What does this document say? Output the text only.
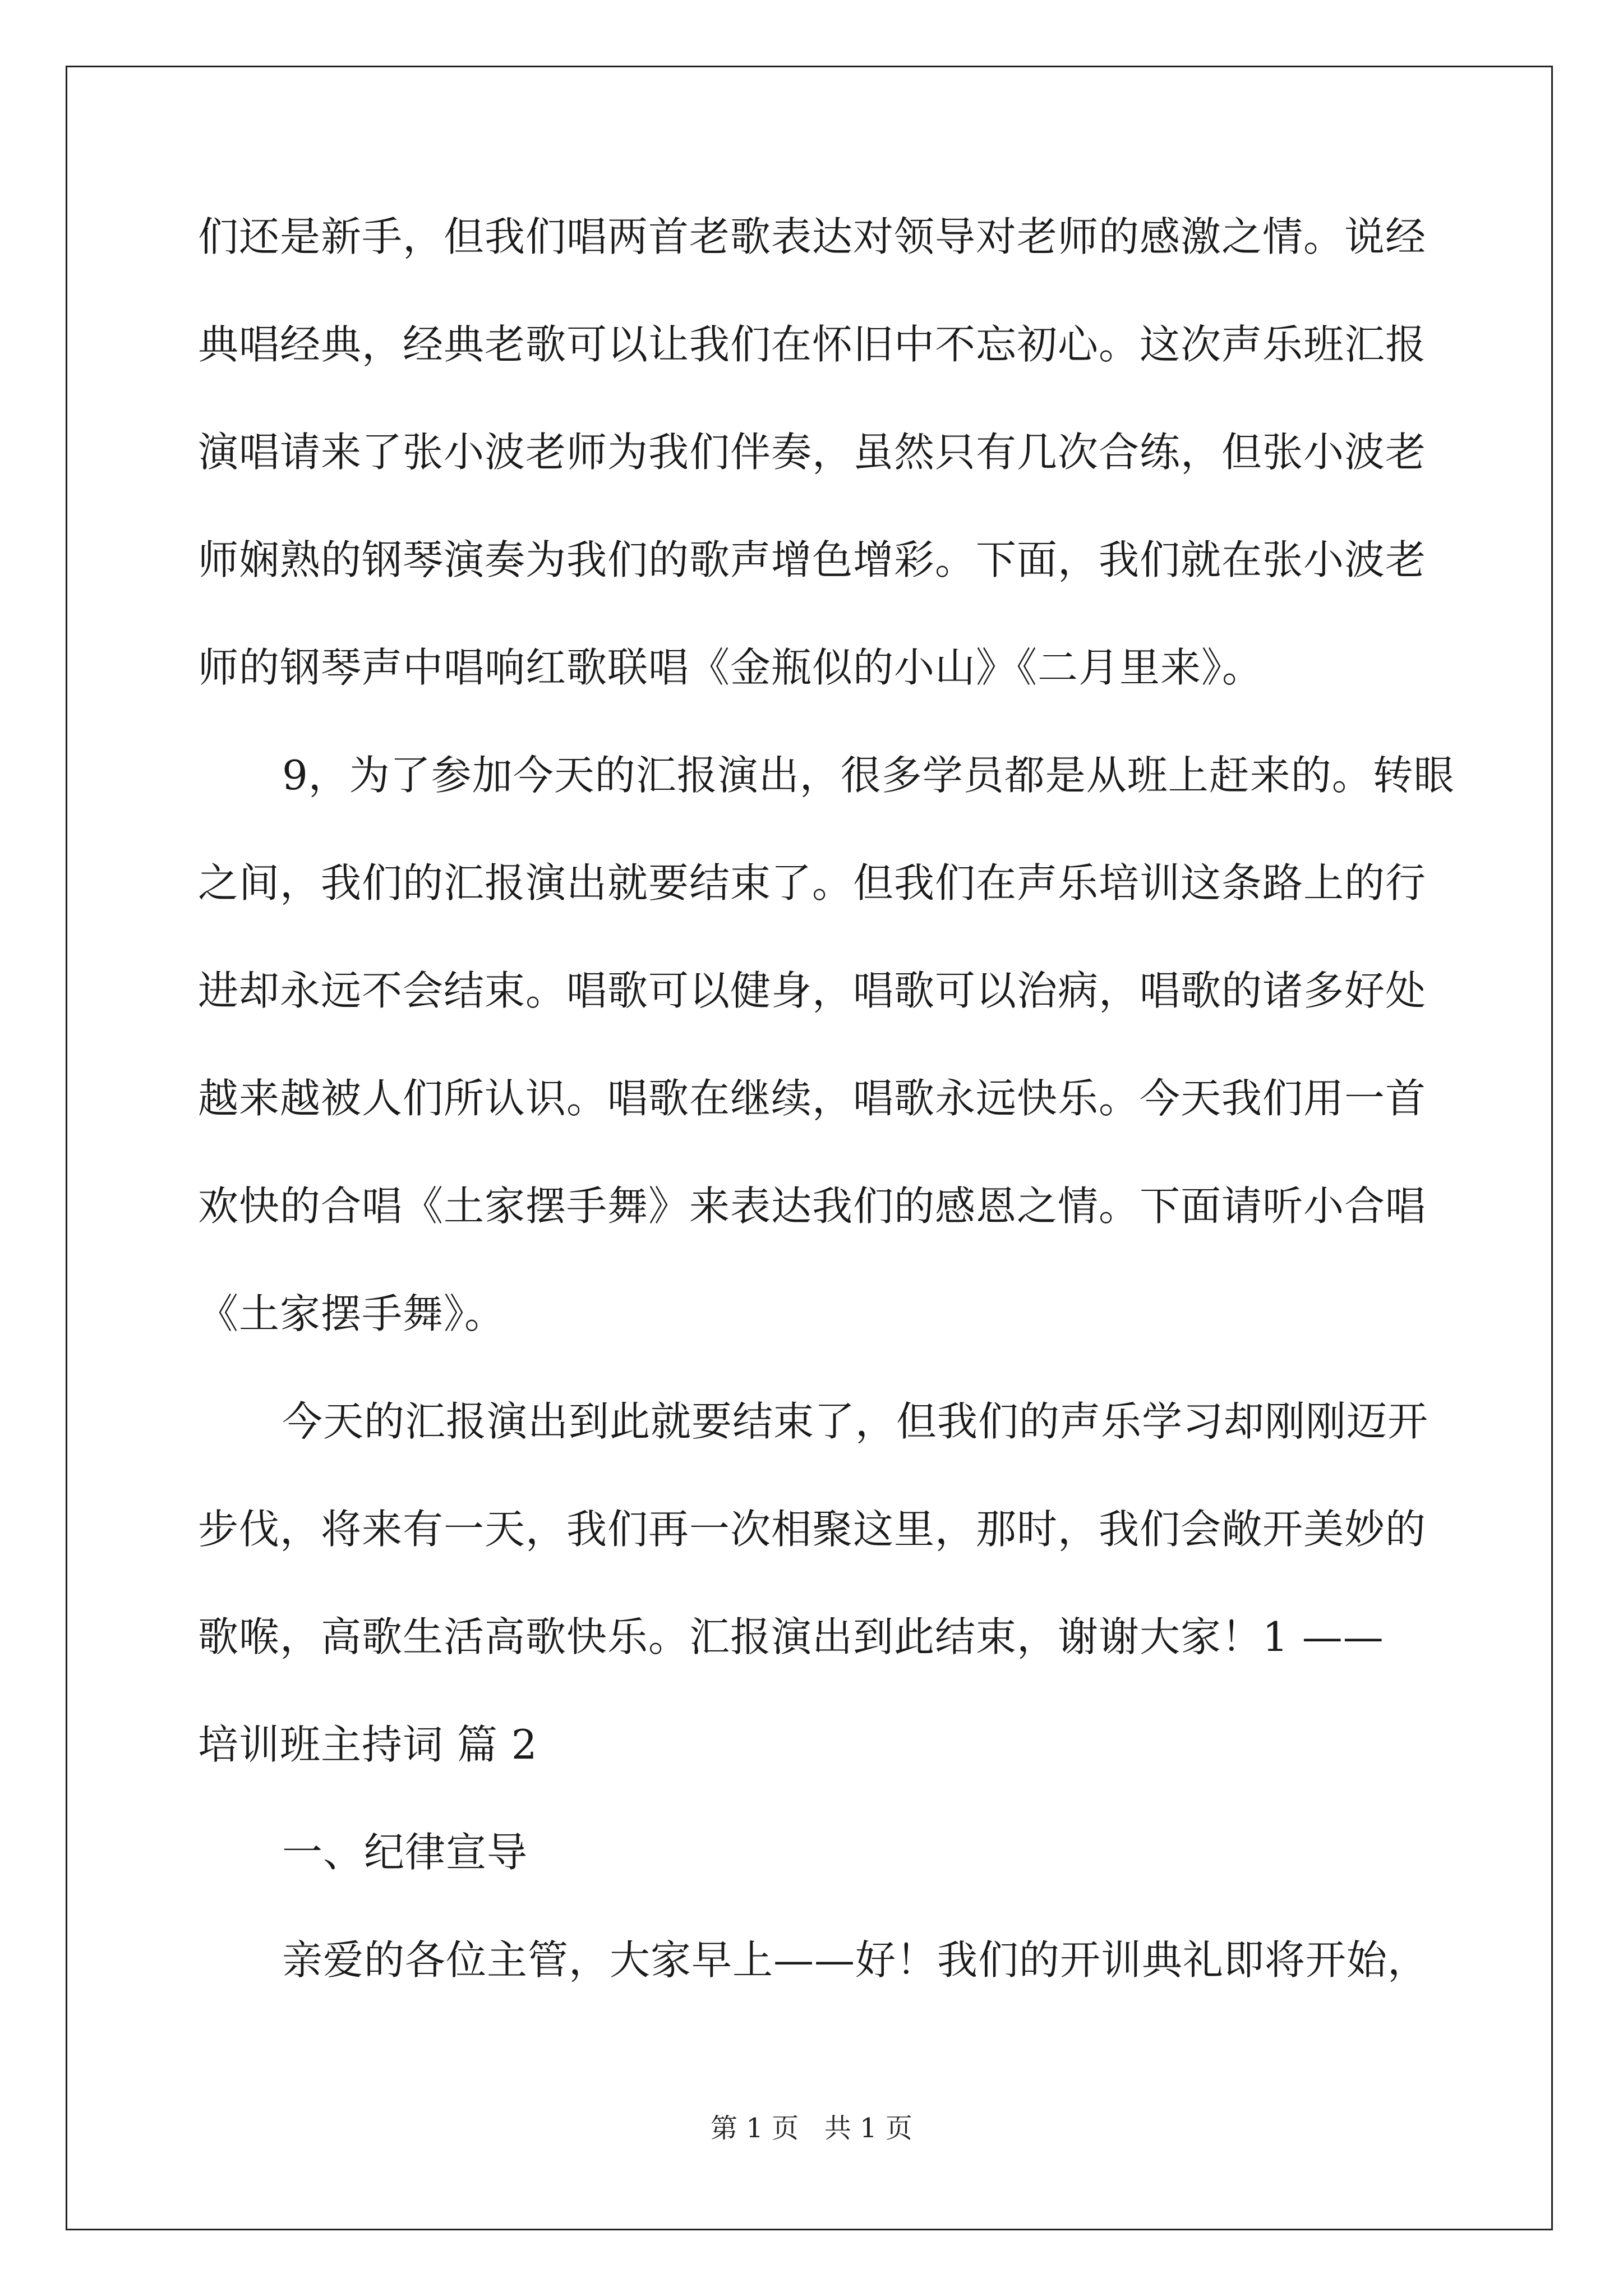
们还是新手，但我们唱两首老歌表达对领导对老师的感激之情。说经
典唱经典，经典老歌可以让我们在怀旧中不忘初心。这次声乐班汇报
演唱请来了张小波老师为我们伴奏，虽然只有几次合练，但张小波老
师娴熟的钢琴演奏为我们的歌声增色增彩。下面，我们就在张小波老
师的钢琴声中唱响红歌联唱《金瓶似的小山》《二月里来》。
9，为了参加今天的汇报演出，很多学员都是从班上赶来的。转眼
之间，我们的汇报演出就要结束了。但我们在声乐培训这条路上的行
进却永远不会结束。唱歌可以健身，唱歌可以治病，唱歌的诸多好处
越来越被人们所认识。唱歌在继续，唱歌永远快乐。今天我们用一首
欢快的合唱《土家摆手舞》来表达我们的感恩之情。下面请听小合唱
《土家摆手舞》。
今天的汇报演出到此就要结束了，但我们的声乐学习却刚刚迈开
步伐，将来有一天，我们再一次相聚这里，那时，我们会敞开美妙的
歌喉，高歌生活高歌快乐。汇报演出到此结束，谢谢大家！1 ——
培训班主持词 篇 2
一、纪律宣导
亲爱的各位主管，大家早上——好！我们的开训典礼即将开始，
第 1 页   共 1 页
